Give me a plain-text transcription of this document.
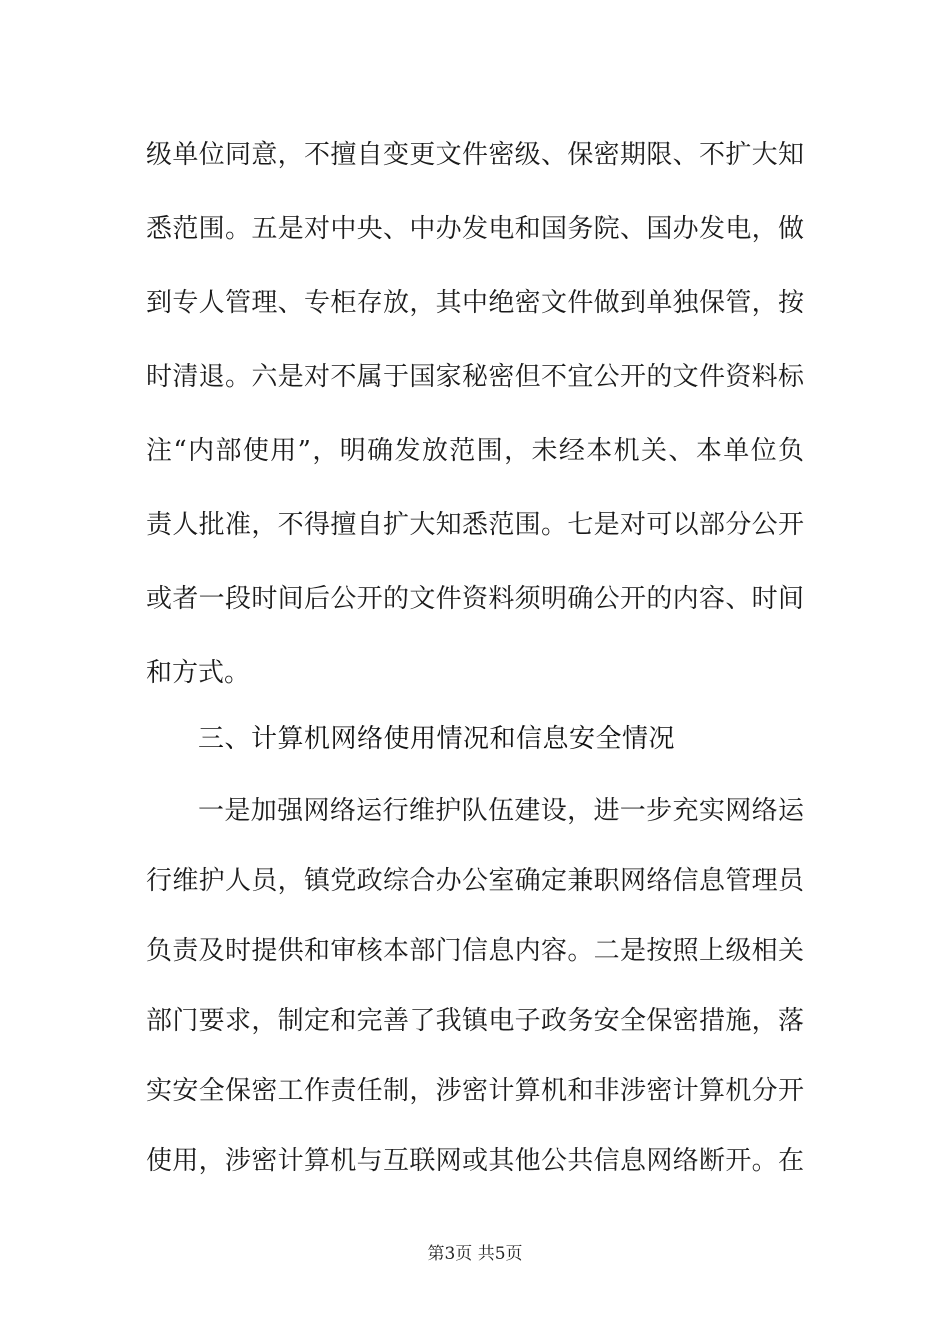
级单位同意，不擅自变更文件密级、保密期限、不扩大知
悉范围。五是对中央、中办发电和国务院、国办发电，做
到专人管理、专柜存放，其中绝密文件做到单独保管，按
时清退。六是对不属于国家秘密但不宜公开的文件资料标
注“内部使用”，明确发放范围，未经本机关、本单位负
责人批准，不得擅自扩大知悉范围。七是对可以部分公开
或者一段时间后公开的文件资料须明确公开的内容、时间
和方式。
三、计算机网络使用情况和信息安全情况
一是加强网络运行维护队伍建设，进一步充实网络运
行维护人员，镇党政综合办公室确定兼职网络信息管理员
负责及时提供和审核本部门信息内容。二是按照上级相关
部门要求，制定和完善了我镇电子政务安全保密措施，落
实安全保密工作责任制，涉密计算机和非涉密计算机分开
使用，涉密计算机与互联网或其他公共信息网络断开。在
第3页 共5页
